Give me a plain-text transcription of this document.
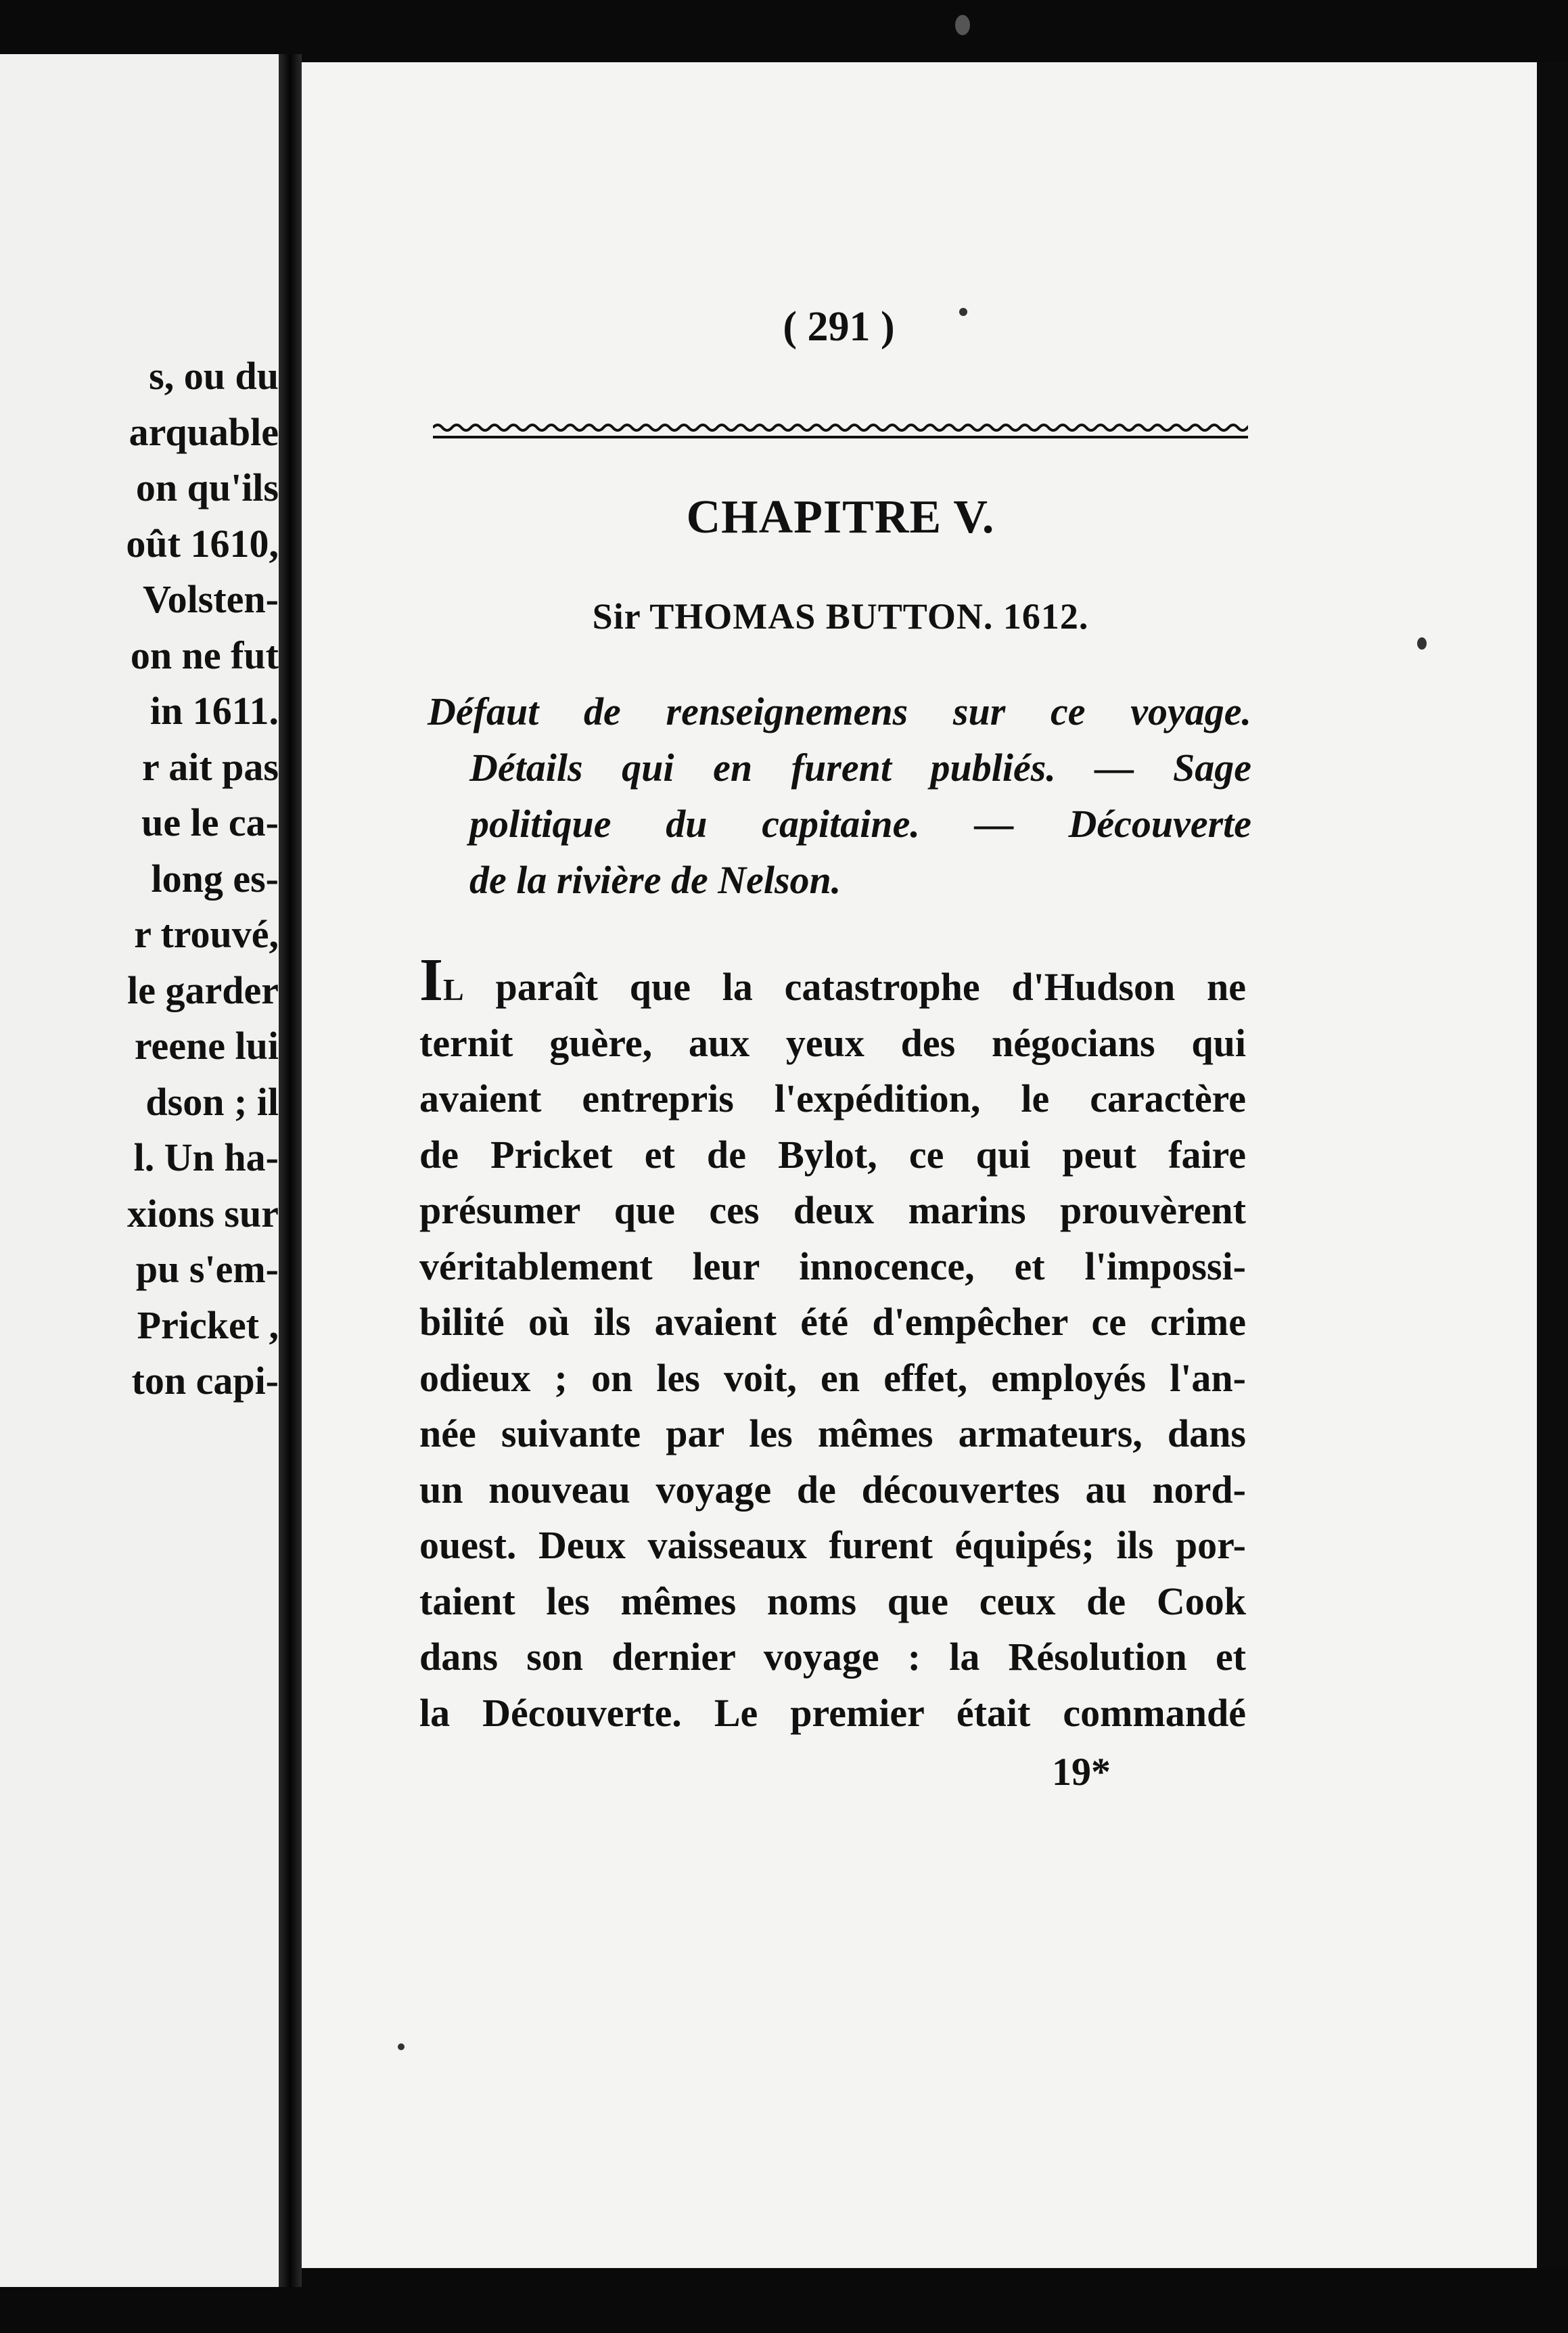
s, ou du
arquable
on qu'ils
oût 1610,
Volsten-
on ne fut
in 1611.
r ait pas
ue le ca-
long es-
r trouvé,
le garder
reene lui
dson ; il
l. Un ha-
xions sur
pu s'em-
Pricket ,
ton capi-
( 291 )
CHAPITRE V.
Sir THOMAS BUTTON. 1612.
Défaut de renseignemens sur ce voyage.
Détails qui en furent publiés. — Sage
politique du capitaine. — Découverte
de la rivière de Nelson.
IL paraît que la catastrophe d'Hudson ne
ternit guère, aux yeux des négocians qui
avaient entrepris l'expédition, le caractère
de Pricket et de Bylot, ce qui peut faire
présumer que ces deux marins prouvèrent
véritablement leur innocence, et l'impossi-
bilité où ils avaient été d'empêcher ce crime
odieux ; on les voit, en effet, employés l'an-
née suivante par les mêmes armateurs, dans
un nouveau voyage de découvertes au nord-
ouest. Deux vaisseaux furent équipés; ils por-
taient les mêmes noms que ceux de Cook
dans son dernier voyage : la Résolution et
la Découverte. Le premier était commandé
19*
